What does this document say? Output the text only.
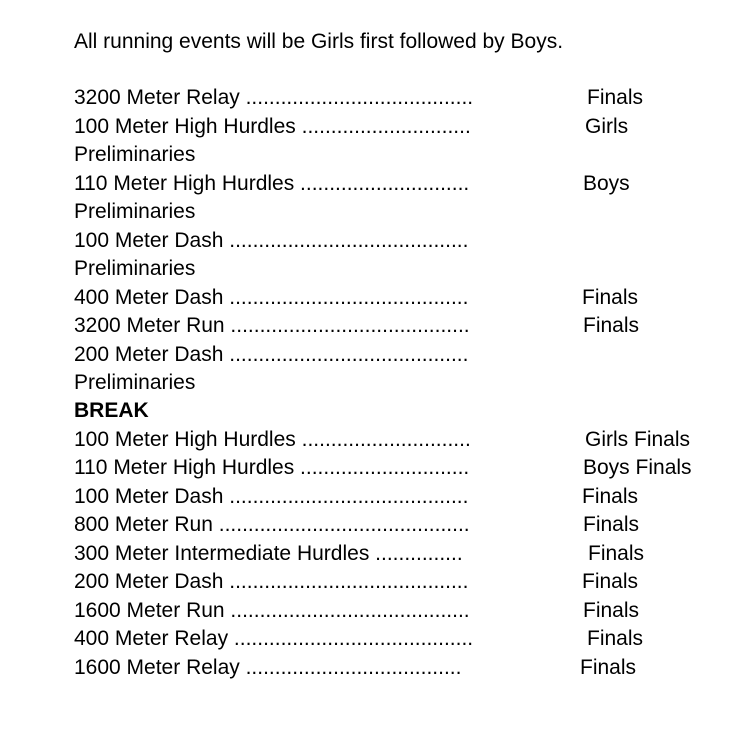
All running events will be Girls first followed by Boys.
3200 Meter Relay .......................................	Finals
100 Meter High Hurdles .............................	Girls
Preliminaries
110 Meter High Hurdles .............................	Boys
Preliminaries
100 Meter Dash .........................................
Preliminaries
400 Meter Dash .........................................	Finals
3200 Meter Run .........................................	Finals
200 Meter Dash .........................................
Preliminaries
BREAK
100 Meter High Hurdles .............................	Girls Finals
110 Meter High Hurdles .............................	Boys Finals
100 Meter Dash .........................................	Finals
800 Meter Run ...........................................	Finals
300 Meter Intermediate Hurdles ...............	Finals
200 Meter Dash .........................................	Finals
1600 Meter Run .........................................	Finals
400 Meter Relay .........................................	Finals
1600 Meter Relay .....................................	Finals
